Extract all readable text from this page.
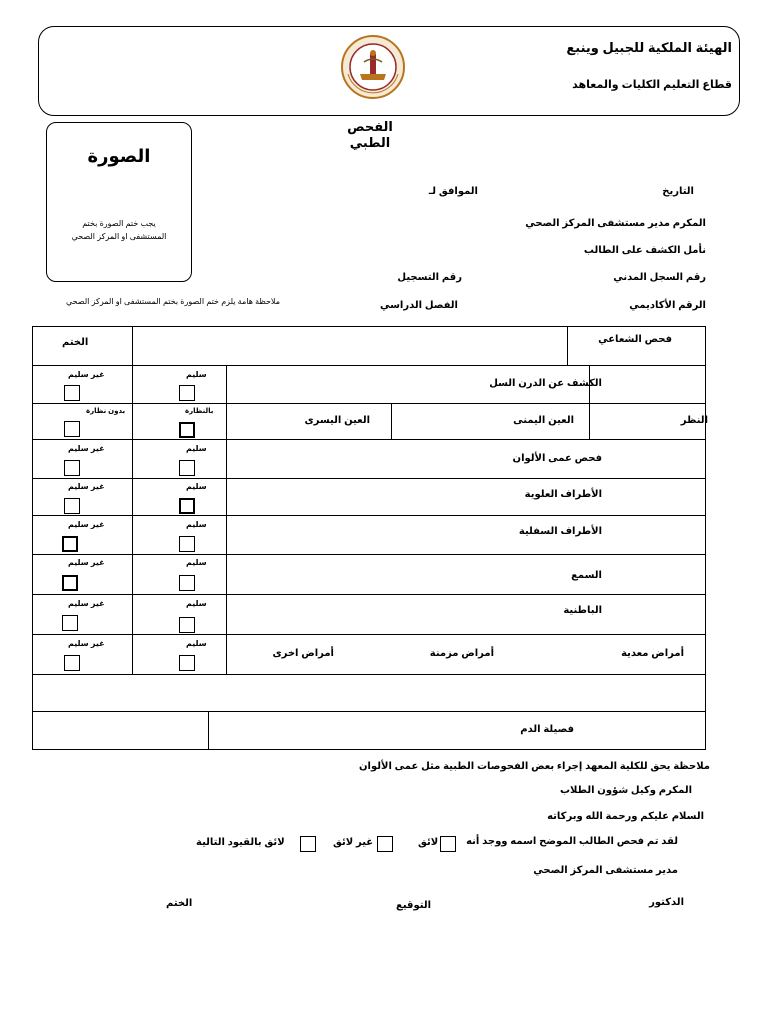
الهيئة الملكية للجبيل وينبع
قطاع التعليم الكليات والمعاهد
الفحص الطبي
الصورة
يجب ختم الصورة بختم
المستشفى او المركز الصحي
التاريخ
الموافق لـ
المكرم مدير مستشفى المركز الصحي
نأمل الكشف على الطالب
رقم السجل المدني
رقم التسجيل
الرقم الأكاديمي
الفصل الدراسي
ملاحظة هامة يلزم ختم الصورة بختم المستشفى او المركز الصحي
فحص الشعاعي
الختم
الكشف عن الدرن السل
غير سليم	سليم
النظر
العين اليمنى
العين اليسرى
بدون نظارة	بالنظارة
فحص عمى الألوان
غير سليم	سليم
الأطراف العلوية
غير سليم	سليم
الأطراف السفلية
غير سليم	سليم
السمع
غير سليم	سليم
الباطنية
غير سليم	سليم
أمراض معدية
أمراض مزمنة
أمراض اخرى
غير سليم	سليم
فصيلة الدم
ملاحظة يحق للكلية المعهد إجراء بعض الفحوصات الطبية مثل عمى الألوان
المكرم وكيل شؤون الطلاب
السلام عليكم ورحمة الله وبركاته
لقد تم فحص الطالب الموضح اسمه ووجد أنه
لائق
غير لائق
لائق بالقيود التالية
مدير مستشفى المركز الصحي
الدكتور
التوقيع
الختم
